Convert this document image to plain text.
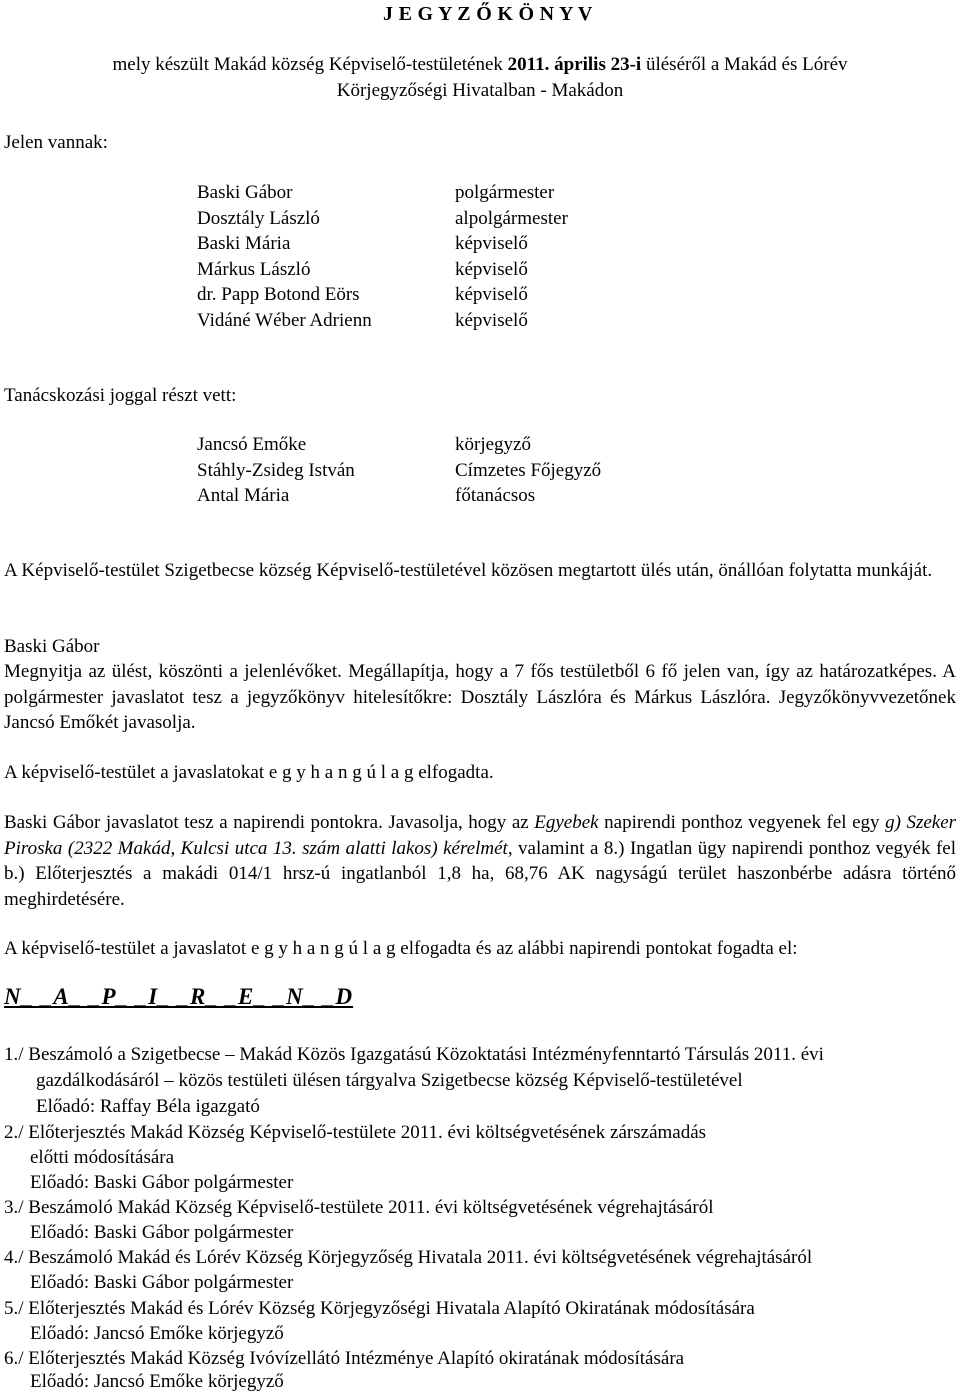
J E G Y Z Ő K Ö N Y V
mely készült Makád község Képviselő-testületének 2011. április 23-i üléséről a Makád és Lórév
Körjegyzőségi Hivatalban - Makádon
Jelen vannak:
Baski Gábor
Dosztály László
Baski Mária
Márkus László
dr. Papp Botond Eörs
Vidáné Wéber Adrienn
polgármester
alpolgármester
képviselő
képviselő
képviselő
képviselő
Tanácskozási joggal részt vett:
Jancsó Emőke
Stáhly-Zsideg István
Antal Mária
körjegyző
Címzetes Főjegyző
főtanácsos
A Képviselő-testület Szigetbecse község Képviselő-testületével közösen megtartott ülés után, önállóan folytatta munkáját.
Baski Gábor
Megnyitja az ülést, köszönti a jelenlévőket. Megállapítja, hogy a 7 fős testületből 6 fő jelen van, így az határozatképes. A polgármester javaslatot tesz a jegyzőkönyv hitelesítőkre: Dosztály Lászlóra és Márkus Lászlóra. Jegyzőkönyvvezetőnek Jancsó Emőkét javasolja.
A képviselő-testület a javaslatokat e g y h a n g ú l a g elfogadta.
Baski Gábor javaslatot tesz a napirendi pontokra. Javasolja, hogy az Egyebek napirendi ponthoz vegyenek fel egy g) Szeker Piroska (2322 Makád, Kulcsi utca 13. szám alatti lakos) kérelmét, valamint a 8.) Ingatlan ügy napirendi ponthoz vegyék fel b.) Előterjesztés a makádi 014/1 hrsz-ú ingatlanból 1,8 ha, 68,76 AK nagyságú terület haszonbérbe adásra történő meghirdetésére.
A képviselő-testület a javaslatot e g y h a n g ú l a g elfogadta és az alábbi napirendi pontokat fogadta el:
N_ _A_ _P_ _I_ _R_ _E_ _N_ _D
1./ Beszámoló a Szigetbecse – Makád Közös Igazgatású Közoktatási Intézményfenntartó Társulás 2011. évi
gazdálkodásáról – közös testületi ülésen tárgyalva Szigetbecse község Képviselő-testületével
Előadó: Raffay Béla igazgató
2./ Előterjesztés Makád Község Képviselő-testülete 2011. évi költségvetésének zárszámadás
előtti módosítására
Előadó: Baski Gábor polgármester
3./ Beszámoló Makád Község Képviselő-testülete 2011. évi költségvetésének végrehajtásáról
Előadó: Baski Gábor polgármester
4./ Beszámoló Makád és Lórév Község Körjegyzőség Hivatala 2011. évi költségvetésének végrehajtásáról
Előadó: Baski Gábor polgármester
5./ Előterjesztés Makád és Lórév Község Körjegyzőségi Hivatala Alapító Okiratának módosítására
Előadó: Jancsó Emőke körjegyző
6./ Előterjesztés Makád Község Ivóvízellátó Intézménye Alapító okiratának módosítására
Előadó: Jancsó Emőke körjegyző
